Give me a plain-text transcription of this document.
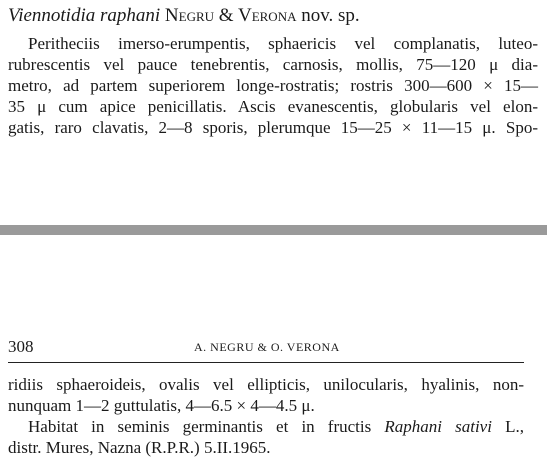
Viennotidia raphani Negru & Verona nov. sp.
Peritheciis imerso-erumpentis, sphaericis vel complanatis, luteo-
rubrescentis vel pauce tenebrentis, carnosis, mollis, 75—120 μ dia-
metro, ad partem superiorem longe-rostratis; rostris 300—600 × 15—
35 μ cum apice penicillatis. Ascis evanescentis, globularis vel elon-
gatis, raro clavatis, 2—8 sporis, plerumque 15—25 × 11—15 μ. Spo-
308	A. NEGRU & O. VERONA
ridiis sphaeroideis, ovalis vel ellipticis, unilocularis, hyalinis, non-
nunquam 1—2 guttulatis, 4—6.5 × 4—4.5 μ.
Habitat in seminis germinantis et in fructis Raphani sativi L.,
distr. Mures, Nazna (R.P.R.) 5.II.1965.
